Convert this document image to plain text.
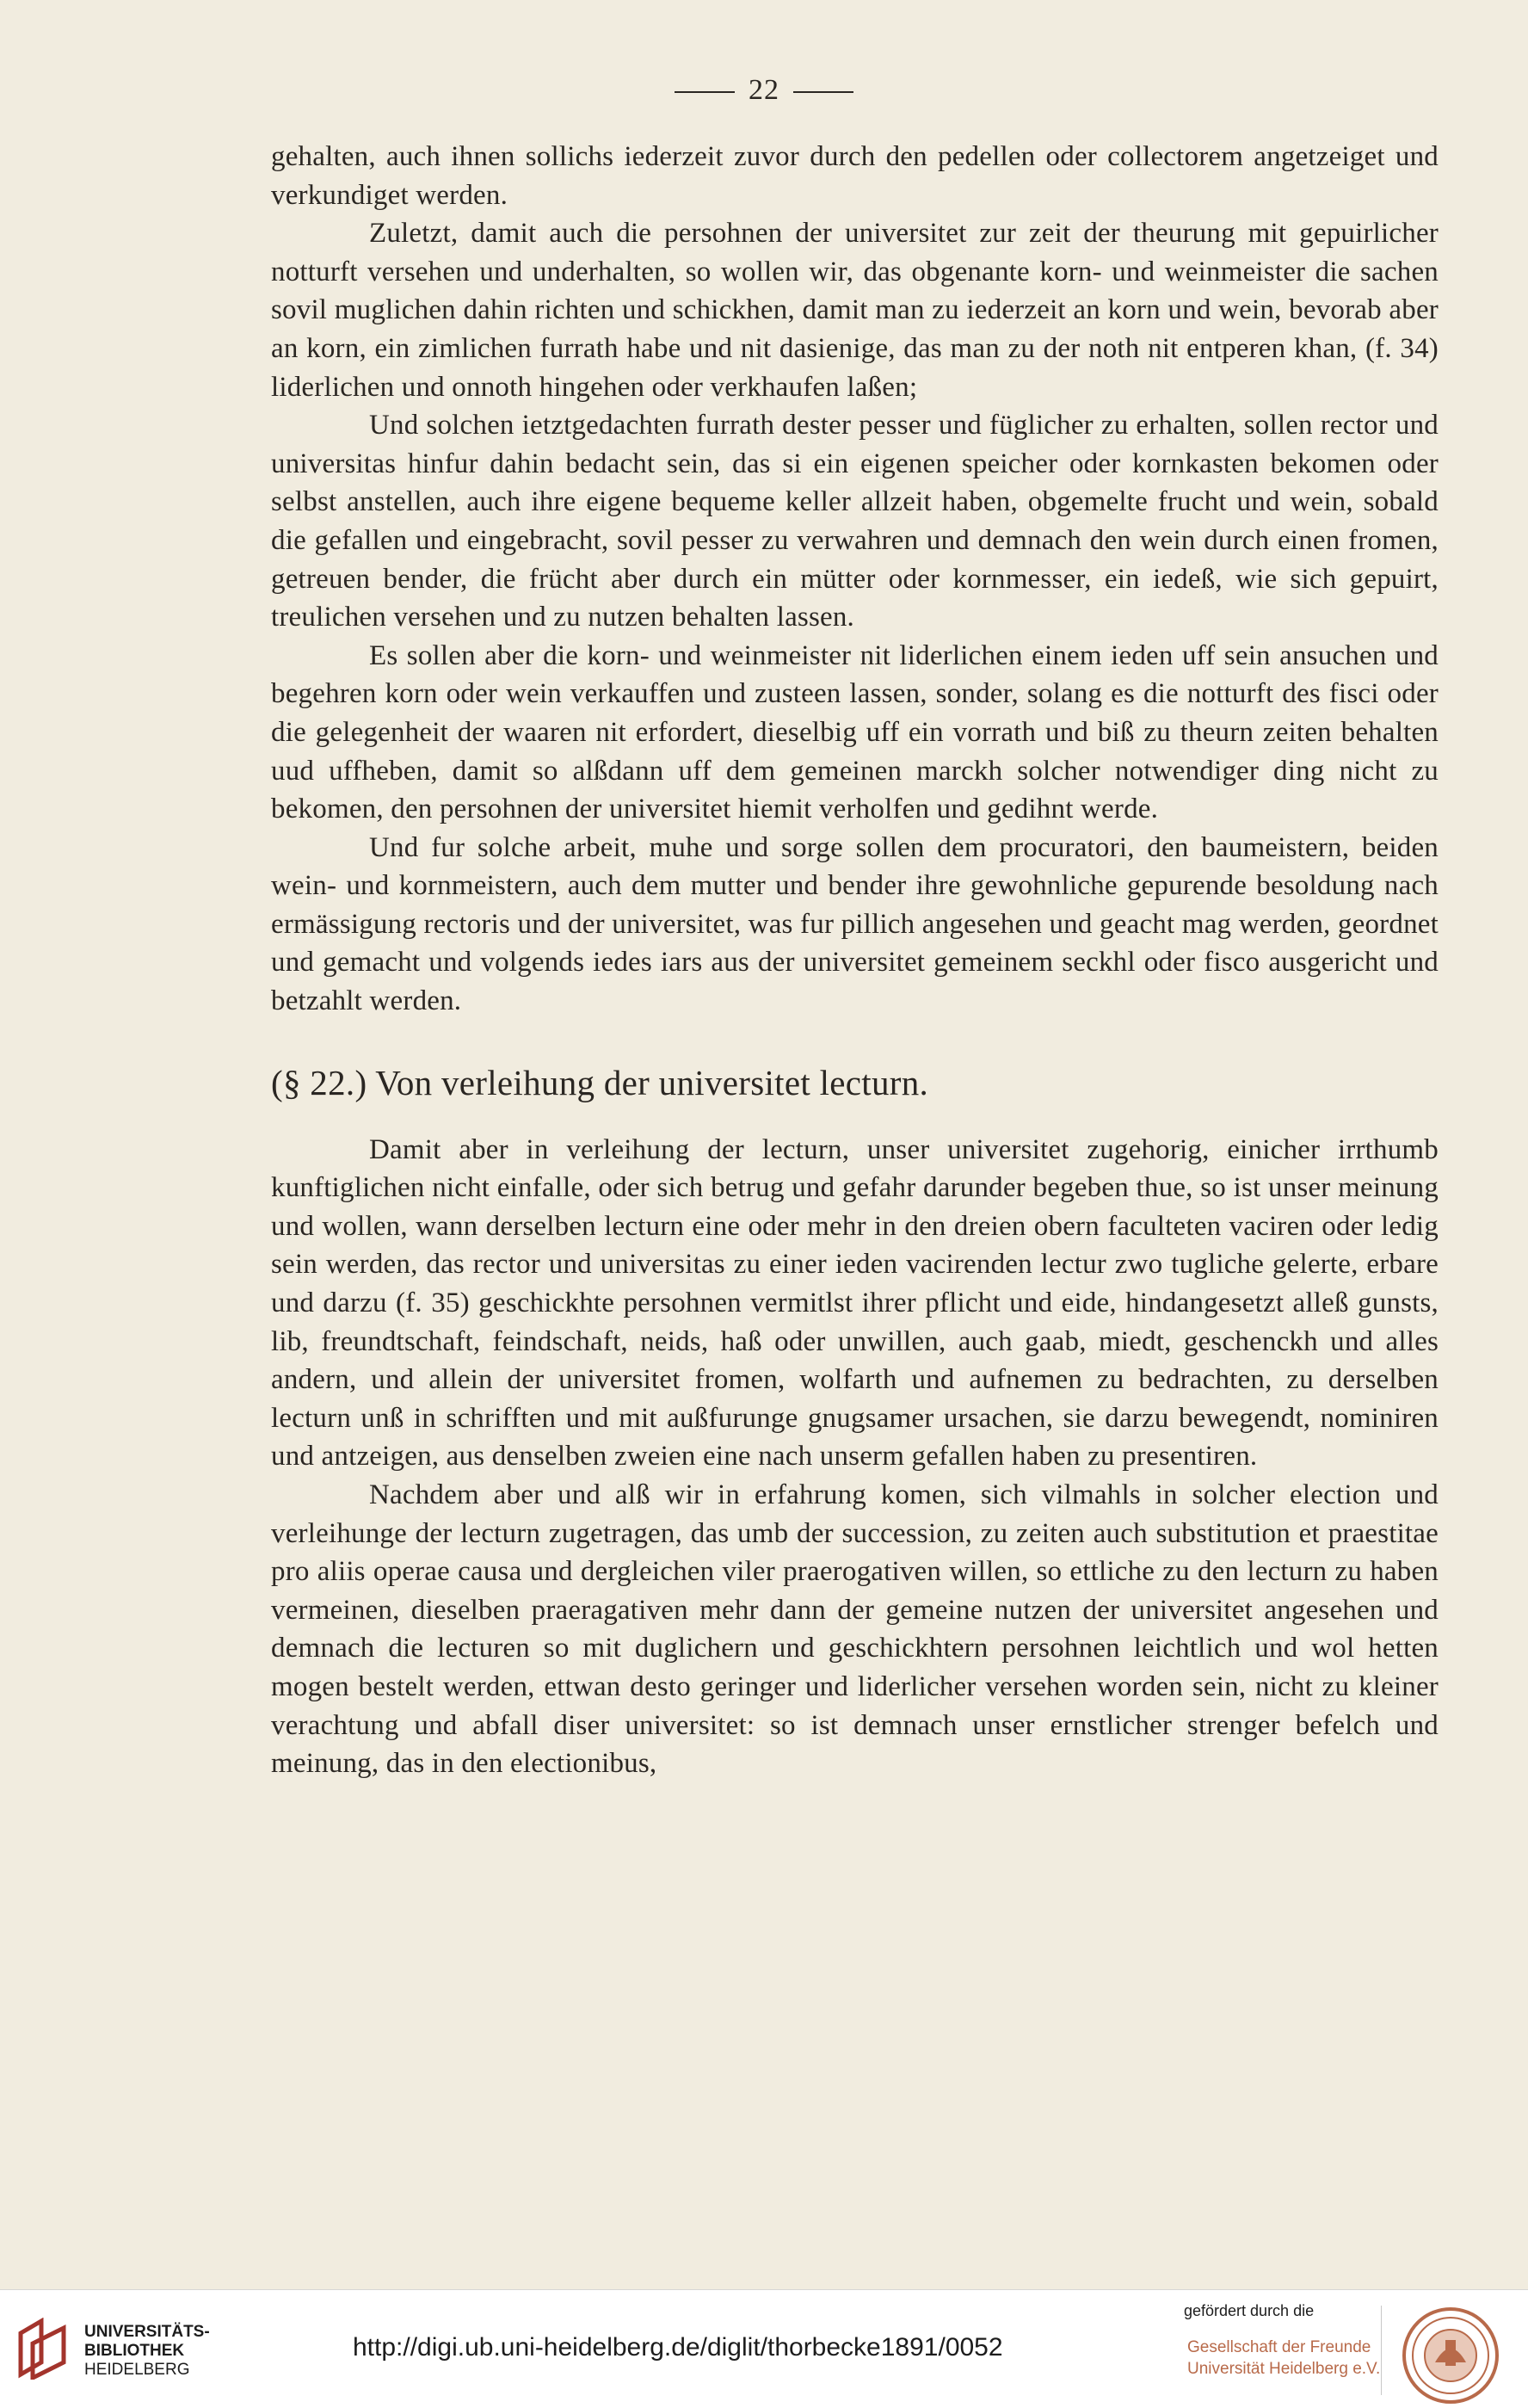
22

gehalten, auch ihnen sollichs iederzeit zuvor durch den pedellen oder collectorem angetzeiget und verkundiget werden.

Zuletzt, damit auch die persohnen der universitet zur zeit der theurung mit gepuirlicher notturft versehen und underhalten, so wollen wir, das obgenante korn- und weinmeister die sachen sovil muglichen dahin richten und schickhen, damit man zu iederzeit an korn und wein, bevorab aber an korn, ein zimlichen furrath habe und nit dasienige, das man zu der noth nit entperen khan, (f. 34) liderlichen und onnoth hingehen oder verkhaufen laßen;

Und solchen ietztgedachten furrath dester pesser und füglicher zu erhalten, sollen rector und universitas hinfur dahin bedacht sein, das si ein eigenen speicher oder kornkasten bekomen oder selbst anstellen, auch ihre eigene bequeme keller allzeit haben, obgemelte frucht und wein, sobald die gefallen und eingebracht, sovil pesser zu verwahren und demnach den wein durch einen fromen, getreuen bender, die frücht aber durch ein mütter oder kornmesser, ein iedeß, wie sich gepuirt, treulichen versehen und zu nutzen behalten lassen.

Es sollen aber die korn- und weinmeister nit liderlichen einem ieden uff sein ansuchen und begehren korn oder wein verkauffen und zusteen lassen, sonder, solang es die notturft des fisci oder die gelegenheit der waaren nit erfordert, dieselbig uff ein vorrath und biß zu theurn zeiten behalten uud uffheben, damit so alßdann uff dem gemeinen marckh solcher notwendiger ding nicht zu bekomen, den persohnen der universitet hiemit verholfen und gedihnt werde.

Und fur solche arbeit, muhe und sorge sollen dem procuratori, den baumeistern, beiden wein- und kornmeistern, auch dem mutter und bender ihre gewohnliche gepurende besoldung nach ermässigung rectoris und der universitet, was fur pillich angesehen und geacht mag werden, geordnet und gemacht und volgends iedes iars aus der universitet gemeinem seckhl oder fisco ausgericht und betzahlt werden.

(§ 22.) Von verleihung der universitet lecturn.

Damit aber in verleihung der lecturn, unser universitet zugehorig, einicher irrthumb kunftiglichen nicht einfalle, oder sich betrug und gefahr darunder begeben thue, so ist unser meinung und wollen, wann derselben lecturn eine oder mehr in den dreien obern faculteten vaciren oder ledig sein werden, das rector und universitas zu einer ieden vacirenden lectur zwo tugliche gelerte, erbare und darzu (f. 35) geschickhte persohnen vermitlst ihrer pflicht und eide, hindangesetzt alleß gunsts, lib, freundtschaft, feindschaft, neids, haß oder unwillen, auch gaab, miedt, geschenckh und alles andern, und allein der universitet fromen, wolfarth und aufnemen zu bedrachten, zu derselben lecturn unß in schrifften und mit außfurunge gnugsamer ursachen, sie darzu bewegendt, nominiren und antzeigen, aus denselben zweien eine nach unserm gefallen haben zu presentiren.

Nachdem aber und alß wir in erfahrung komen, sich vilmahls in solcher election und verleihunge der lecturn zugetragen, das umb der succession, zu zeiten auch substitution et praestitae pro aliis operae causa und dergleichen viler praerogativen willen, so ettliche zu den lecturn zu haben vermeinen, dieselben praeragativen mehr dann der gemeine nutzen der universitet angesehen und demnach die lecturen so mit duglichern und geschickhtern persohnen leichtlich und wol hetten mogen bestelt werden, ettwan desto geringer und liderlicher versehen worden sein, nicht zu kleiner verachtung und abfall diser universitet: so ist demnach unser ernstlicher strenger befelch und meinung, das in den electionibus,

UNIVERSITÄTS-
BIBLIOTHEK
HEIDELBERG
http://digi.ub.uni-heidelberg.de/diglit/thorbecke1891/0052
gefördert durch die
Gesellschaft der Freunde
Universität Heidelberg e.V.
